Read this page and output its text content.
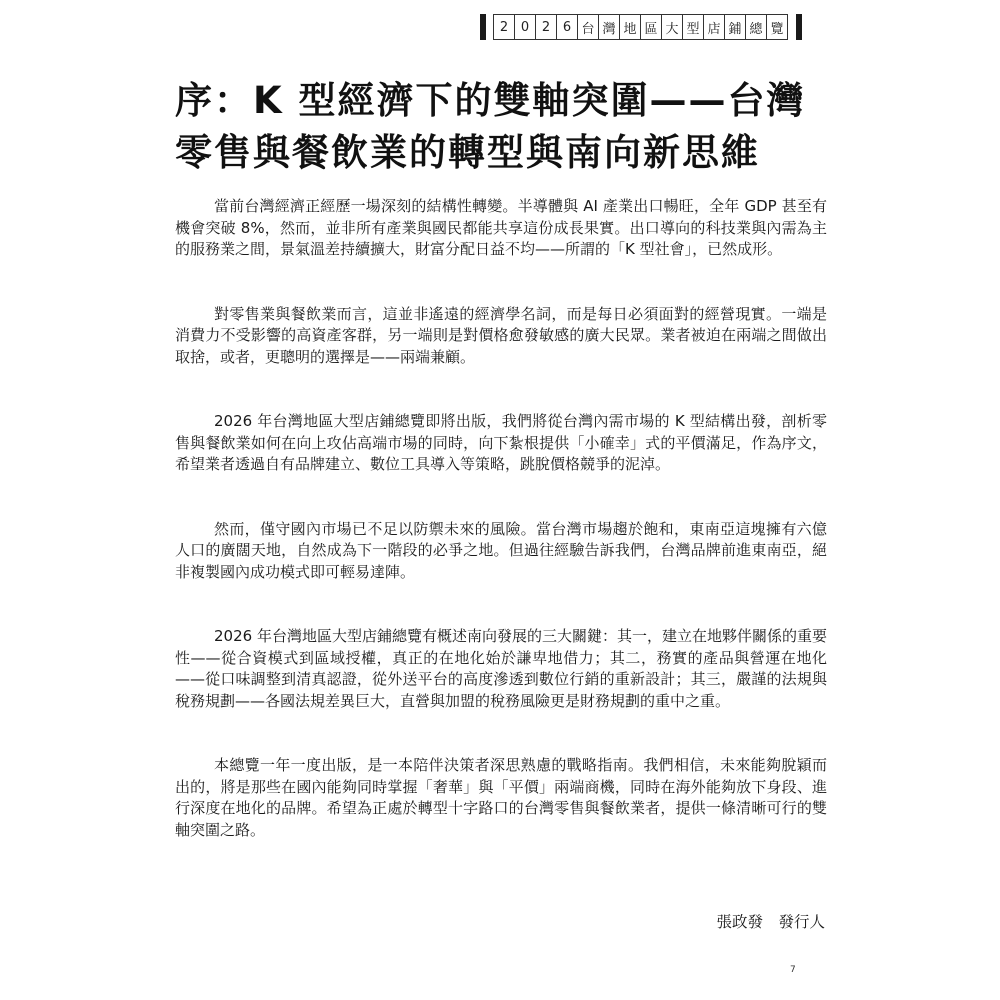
2 0 2 6 台 灣 地 區 大 型 店 鋪 總 覽
序：K 型經濟下的雙軸突圍——台灣零售與餐飲業的轉型與南向新思維

當前台灣經濟正經歷一場深刻的結構性轉變。半導體與 AI 產業出口暢旺，全年 GDP 甚至有機會突破 8%，然而，並非所有產業與國民都能共享這份成長果實。出口導向的科技業與內需為主的服務業之間，景氣溫差持續擴大，財富分配日益不均——所謂的「K 型社會」，已然成形。

對零售業與餐飲業而言，這並非遙遠的經濟學名詞，而是每日必須面對的經營現實。一端是消費力不受影響的高資產客群，另一端則是對價格愈發敏感的廣大民眾。業者被迫在兩端之間做出取捨，或者，更聰明的選擇是——兩端兼顧。

2026 年台灣地區大型店鋪總覽即將出版，我們將從台灣內需市場的 K 型結構出發，剖析零售與餐飲業如何在向上攻佔高端市場的同時，向下紮根提供「小確幸」式的平價滿足，作為序文，希望業者透過自有品牌建立、數位工具導入等策略，跳脫價格競爭的泥淖。

然而，僅守國內市場已不足以防禦未來的風險。當台灣市場趨於飽和，東南亞這塊擁有六億人口的廣闊天地，自然成為下一階段的必爭之地。但過往經驗告訴我們，台灣品牌前進東南亞，絕非複製國內成功模式即可輕易達陣。

2026 年台灣地區大型店鋪總覽有概述南向發展的三大關鍵：其一，建立在地夥伴關係的重要性——從合資模式到區域授權，真正的在地化始於謙卑地借力；其二，務實的產品與營運在地化——從口味調整到清真認證，從外送平台的高度滲透到數位行銷的重新設計；其三，嚴謹的法規與稅務規劃——各國法規差異巨大，直營與加盟的稅務風險更是財務規劃的重中之重。

本總覽一年一度出版，是一本陪伴決策者深思熟慮的戰略指南。我們相信，未來能夠脫穎而出的，將是那些在國內能夠同時掌握「奢華」與「平價」兩端商機，同時在海外能夠放下身段、進行深度在地化的品牌。希望為正處於轉型十字路口的台灣零售與餐飲業者，提供一條清晰可行的雙軸突圍之路。

張政發　發行人
7
